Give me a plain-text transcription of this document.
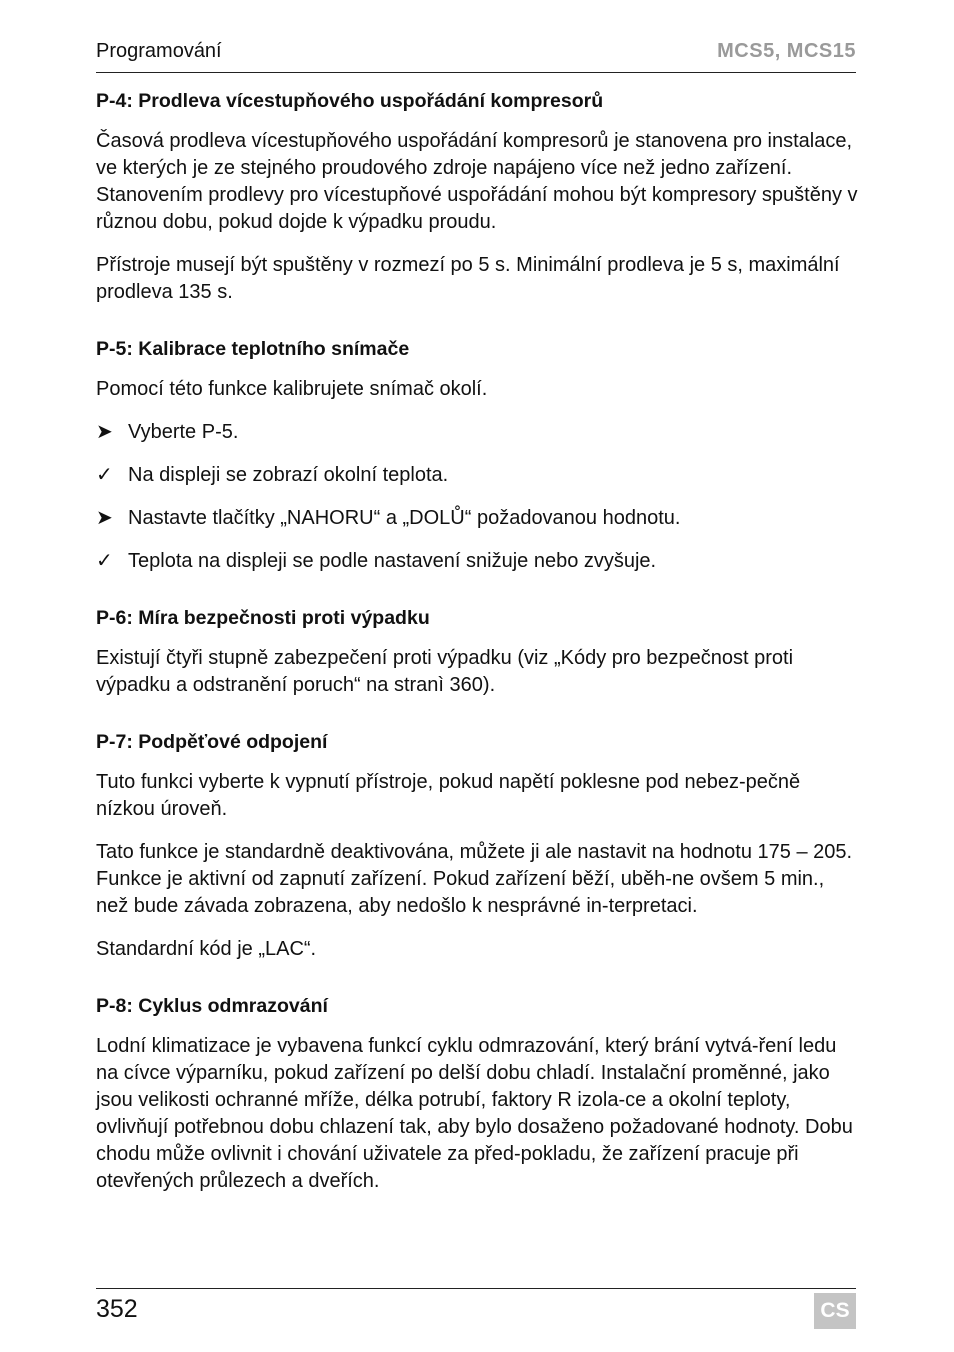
Programování	MCS5, MCS15
P-4: Prodleva vícestupňového uspořádání kompresorů

Časová prodleva vícestupňového uspořádání kompresorů je stanovena pro instalace, ve kterých je ze stejného proudového zdroje napájeno více než jedno zařízení. Stanovením prodlevy pro vícestupňové uspořádání mohou být kompresory spuštěny v různou dobu, pokud dojde k výpadku proudu.

Přístroje musejí být spuštěny v rozmezí po 5 s. Minimální prodleva je 5 s, maximální prodleva 135 s.

P-5: Kalibrace teplotního snímače

Pomocí této funkce kalibrujete snímač okolí.

➤ Vyberte P-5.
✓ Na displeji se zobrazí okolní teplota.
➤ Nastavte tlačítky „NAHORU“ a „DOLŮ“ požadovanou hodnotu.
✓ Teplota na displeji se podle nastavení snižuje nebo zvyšuje.
P-6: Míra bezpečnosti proti výpadku

Existují čtyři stupně zabezpečení proti výpadku (viz „Kódy pro bezpečnost proti výpadku a odstranění poruch“ na stranì 360).

P-7: Podpěťové odpojení

Tuto funkci vyberte k vypnutí přístroje, pokud napětí poklesne pod nebez-pečně nízkou úroveň.

Tato funkce je standardně deaktivována, můžete ji ale nastavit na hodnotu 175 – 205. Funkce je aktivní od zapnutí zařízení. Pokud zařízení běží, uběh-ne ovšem 5 min., než bude závada zobrazena, aby nedošlo k nesprávné in-terpretaci.

Standardní kód je „LAC“.

P-8: Cyklus odmrazování

Lodní klimatizace je vybavena funkcí cyklu odmrazování, který brání vytvá-ření ledu na cívce výparníku, pokud zařízení po delší dobu chladí. Instalační proměnné, jako jsou velikosti ochranné mříže, délka potrubí, faktory R izola-ce a okolní teploty, ovlivňují potřebnou dobu chlazení tak, aby bylo dosaženo požadované hodnoty. Dobu chodu může ovlivnit i chování uživatele za před-pokladu, že zařízení pracuje při otevřených průlezech a dveřích.

352	CS
